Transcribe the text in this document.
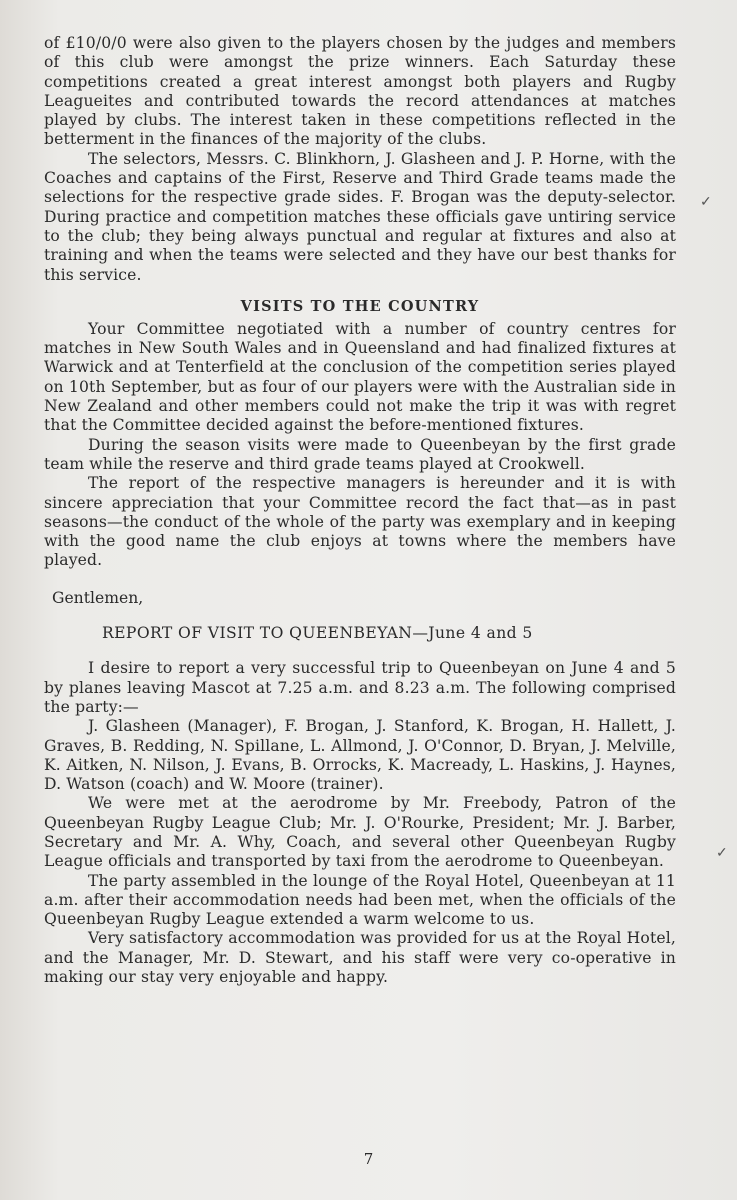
of £10/0/0 were also given to the players chosen by the judges and members of this club were amongst the prize winners. Each Saturday these competitions created a great interest amongst both players and Rugby Leagueites and contributed towards the record attendances at matches played by clubs. The interest taken in these competitions reflected in the betterment in the finances of the majority of the clubs.

The selectors, Messrs. C. Blinkhorn, J. Glasheen and J. P. Horne, with the Coaches and captains of the First, Reserve and Third Grade teams made the selections for the respective grade sides. F. Brogan was the deputy-selector. During practice and competition matches these officials gave untiring service to the club; they being always punctual and regular at fixtures and also at training and when the teams were selected and they have our best thanks for this service.

VISITS TO THE COUNTRY

Your Committee negotiated with a number of country centres for matches in New South Wales and in Queensland and had finalized fixtures at Warwick and at Tenterfield at the conclusion of the competition series played on 10th September, but as four of our players were with the Australian side in New Zealand and other members could not make the trip it was with regret that the Committee decided against the before-mentioned fixtures.

During the season visits were made to Queenbeyan by the first grade team while the reserve and third grade teams played at Crookwell.

The report of the respective managers is hereunder and it is with sincere appreciation that your Committee record the fact that—as in past seasons—the conduct of the whole of the party was exemplary and in keeping with the good name the club enjoys at towns where the members have played.

Gentlemen,
REPORT OF VISIT TO QUEENBEYAN—June 4 and 5

I desire to report a very successful trip to Queenbeyan on June 4 and 5 by planes leaving Mascot at 7.25 a.m. and 8.23 a.m. The following comprised the party:—

J. Glasheen (Manager), F. Brogan, J. Stanford, K. Brogan, H. Hallett, J. Graves, B. Redding, N. Spillane, L. Allmond, J. O'Connor, D. Bryan, J. Melville, K. Aitken, N. Nilson, J. Evans, B. Orrocks, K. Macready, L. Haskins, J. Haynes, D. Watson (coach) and W. Moore (trainer).

We were met at the aerodrome by Mr. Freebody, Patron of the Queenbeyan Rugby League Club; Mr. J. O'Rourke, President; Mr. J. Barber, Secretary and Mr. A. Why, Coach, and several other Queenbeyan Rugby League officials and transported by taxi from the aerodrome to Queenbeyan.

The party assembled in the lounge of the Royal Hotel, Queenbeyan at 11 a.m. after their accommodation needs had been met, when the officials of the Queenbeyan Rugby League extended a warm welcome to us.

Very satisfactory accommodation was provided for us at the Royal Hotel, and the Manager, Mr. D. Stewart, and his staff were very co-operative in making our stay very enjoyable and happy.

✓
✓
7
